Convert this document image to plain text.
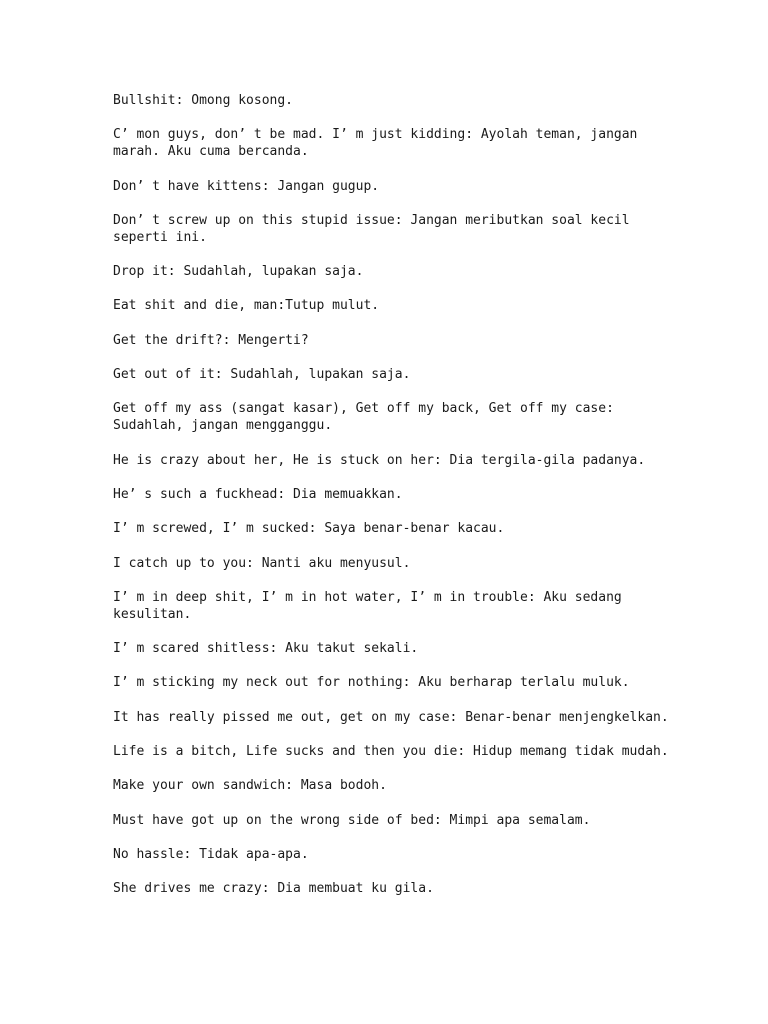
Bullshit: Omong kosong.

C’ mon guys, don’ t be mad. I’ m just kidding: Ayolah teman, jangan marah. Aku cuma bercanda.

Don’ t have kittens: Jangan gugup.

Don’ t screw up on this stupid issue: Jangan meributkan soal kecil seperti ini.

Drop it: Sudahlah, lupakan saja.

Eat shit and die, man:Tutup mulut.

Get the drift?: Mengerti?

Get out of it: Sudahlah, lupakan saja.

Get off my ass (sangat kasar), Get off my back, Get off my case: Sudahlah, jangan mengganggu.

He is crazy about her, He is stuck on her: Dia tergila-gila padanya.

He’ s such a fuckhead: Dia memuakkan.

I’ m screwed, I’ m sucked: Saya benar-benar kacau.

I catch up to you: Nanti aku menyusul.

I’ m in deep shit, I’ m in hot water, I’ m in trouble: Aku sedang kesulitan.

I’ m scared shitless: Aku takut sekali.

I’ m sticking my neck out for nothing: Aku berharap terlalu muluk.

It has really pissed me out, get on my case: Benar-benar menjengkelkan.

Life is a bitch, Life sucks and then you die: Hidup memang tidak mudah.

Make your own sandwich: Masa bodoh.

Must have got up on the wrong side of bed: Mimpi apa semalam.

No hassle: Tidak apa-apa.

She drives me crazy: Dia membuat ku gila.
